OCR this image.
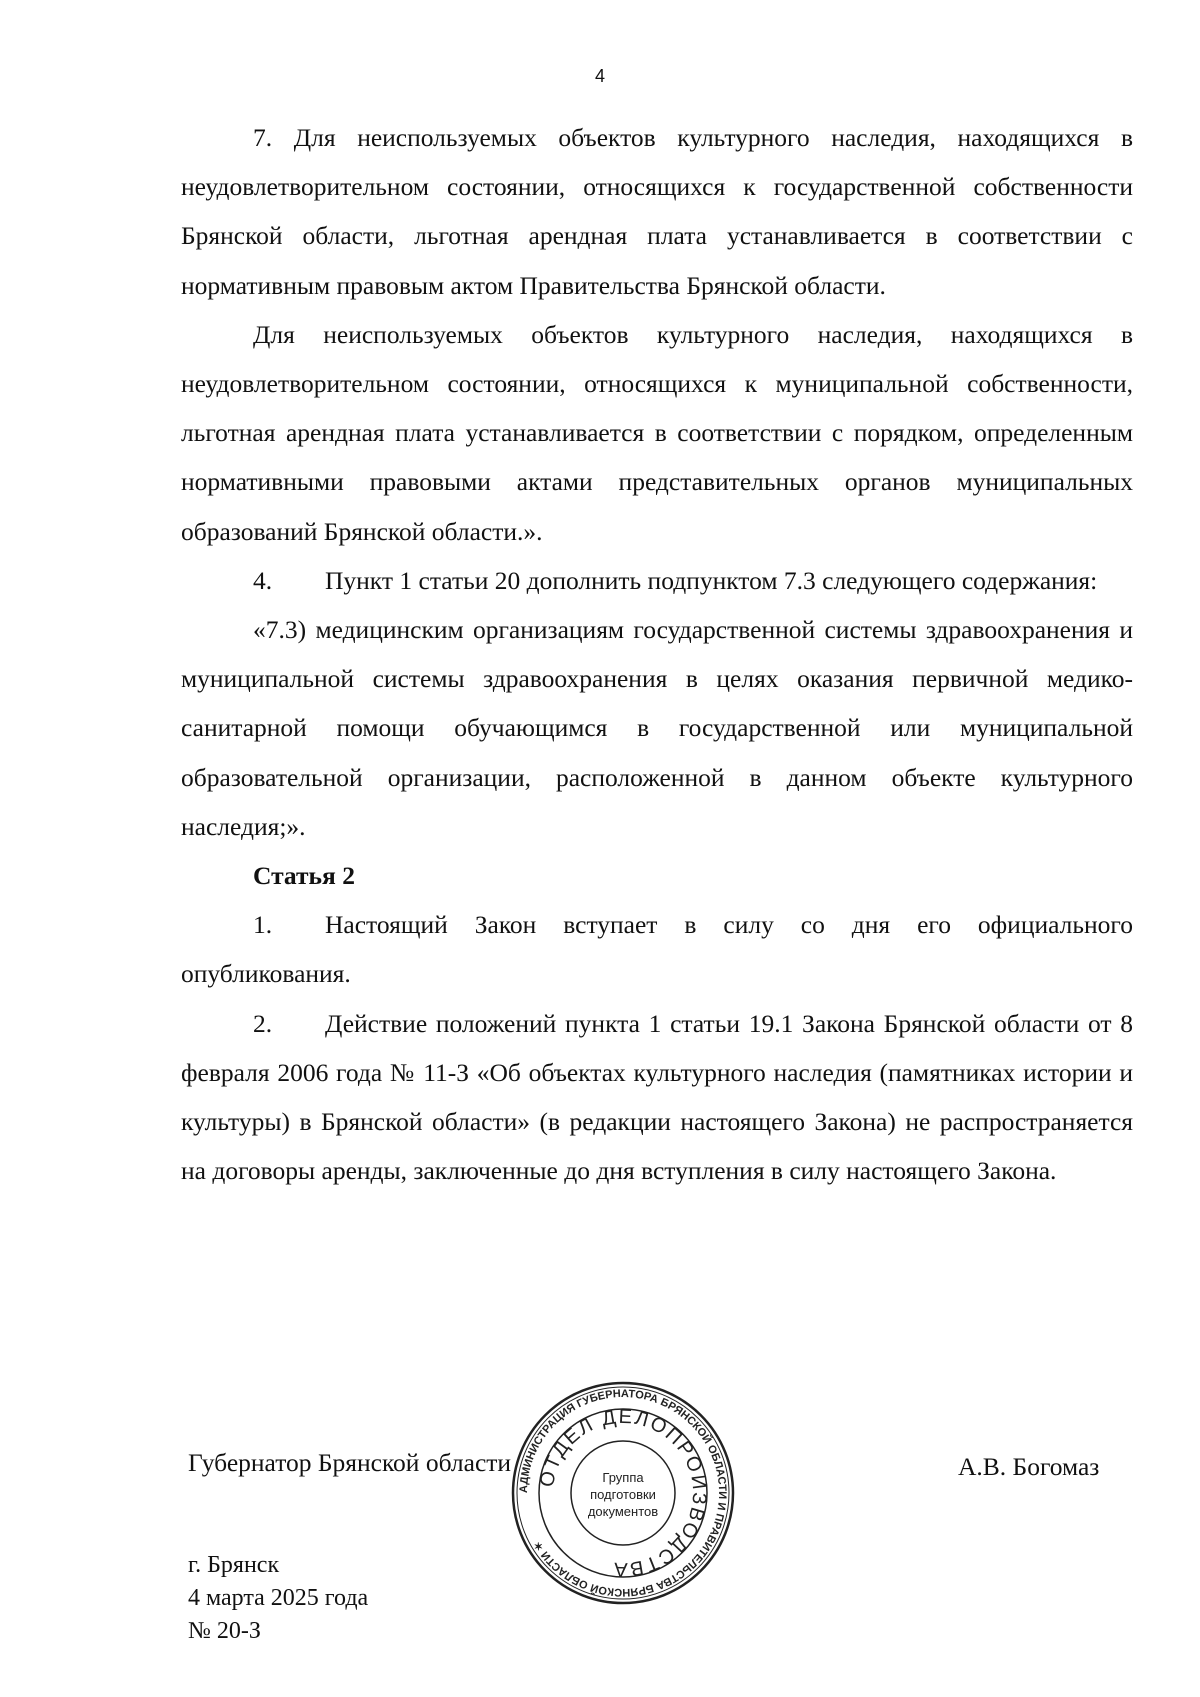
4

7. Для неиспользуемых объектов культурного наследия, находящихся в неудовлетворительном состоянии, относящихся к государственной собственности Брянской области, льготная арендная плата устанавливается в соответствии с нормативным правовым актом Правительства Брянской области.

Для неиспользуемых объектов культурного наследия, находящихся в неудовлетворительном состоянии, относящихся к муниципальной собственности, льготная арендная плата устанавливается в соответствии с порядком, определенным нормативными правовыми актами представительных органов муниципальных образований Брянской области.».

4. Пункт 1 статьи 20 дополнить подпунктом 7.3 следующего содержания:

«7.3) медицинским организациям государственной системы здравоохранения и муниципальной системы здравоохранения в целях оказания первичной медико-санитарной помощи обучающимся в государственной или муниципальной образовательной организации, расположенной в данном объекте культурного наследия;».

Статья 2

1. Настоящий Закон вступает в силу со дня его официального опубликования.

2. Действие положений пункта 1 статьи 19.1 Закона Брянской области от 8 февраля 2006 года № 11-З «Об объектах культурного наследия (памятниках истории и культуры) в Брянской области» (в редакции настоящего Закона) не распространяется на договоры аренды, заключенные до дня вступления в силу настоящего Закона.

Губернатор Брянской области	А.В. Богомаз
г. Брянск
4 марта 2025 года
№ 20-З
АДМИНИСТРАЦИЯ ГУБЕРНАТОРА БРЯНСКОЙ ОБЛАСТИ И ПРАВИТЕЛЬСТВА БРЯНСКОЙ ОБЛАСТИ ✶
ОТДЕЛ ДЕЛОПРОИЗВОДСТВА
Группа
подготовки
документов
